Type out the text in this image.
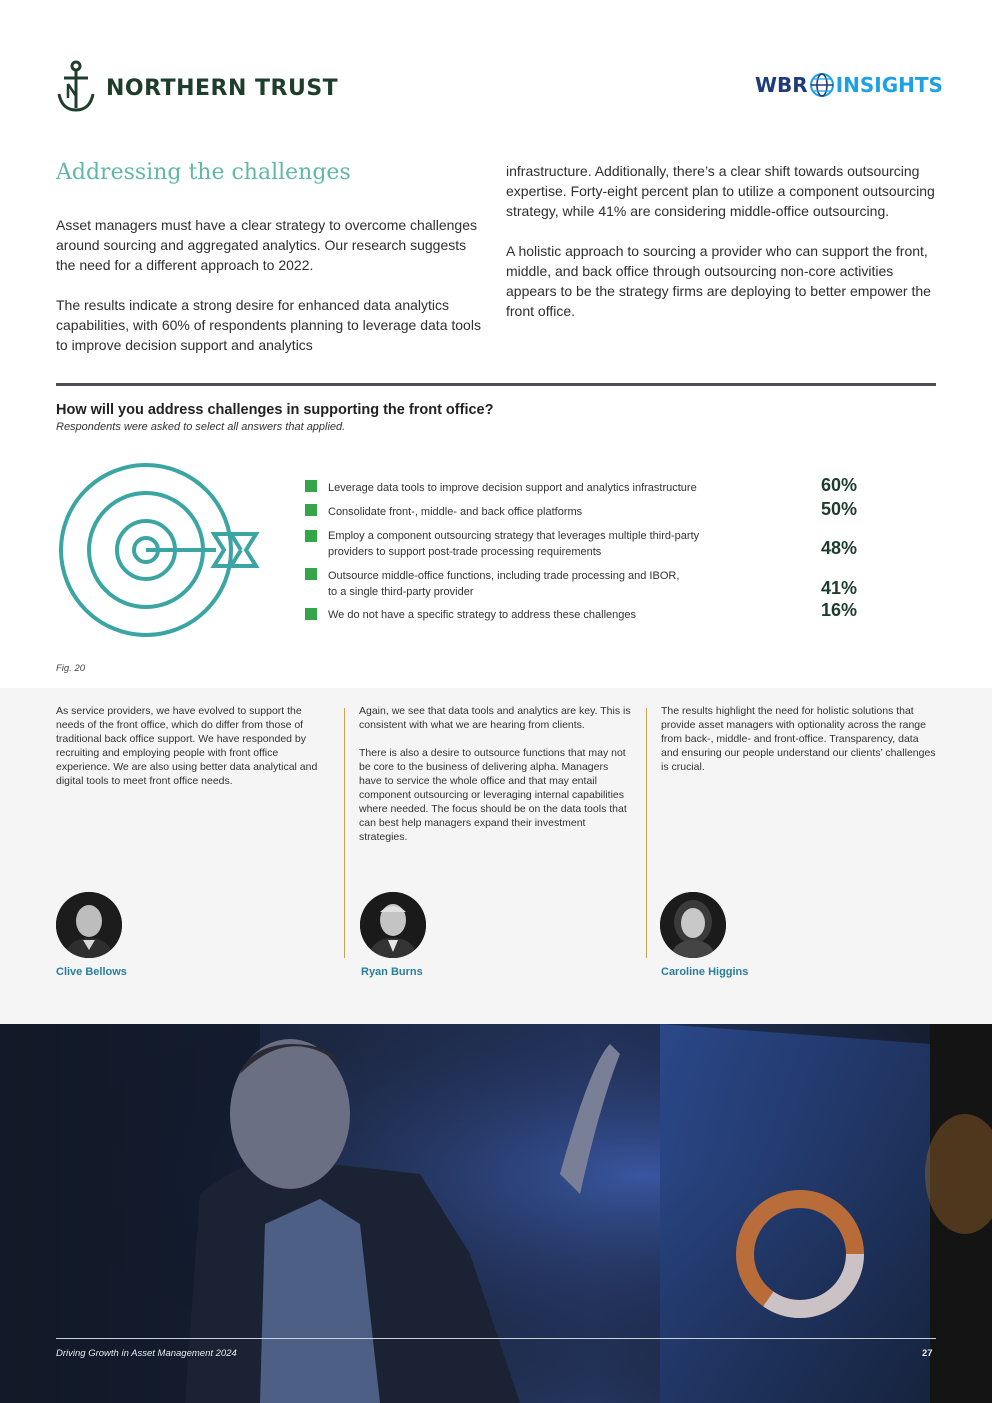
NORTHERN TRUST	WBR INSIGHTS
Addressing the challenges

Asset managers must have a clear strategy to overcome challenges around sourcing and aggregated analytics. Our research suggests the need for a different approach to 2022.

The results indicate a strong desire for enhanced data analytics capabilities, with 60% of respondents planning to leverage data tools to improve decision support and analytics

infrastructure. Additionally, there’s a clear shift towards outsourcing expertise. Forty-eight percent plan to utilize a component outsourcing strategy, while 41% are considering middle-office outsourcing.

A holistic approach to sourcing a provider who can support the front, middle, and back office through outsourcing non-core activities appears to be the strategy firms are deploying to better empower the front office.

How will you address challenges in supporting the front office?
Respondents were asked to select all answers that applied.
Leverage data tools to improve decision support and analytics infrastructure	60%
Consolidate front-, middle- and back office platforms	50%
Employ a component outsourcing strategy that leverages multiple third-party
providers to support post-trade processing requirements	48%
Outsource middle-office functions, including trade processing and IBOR,
to a single third-party provider	41%
We do not have a specific strategy to address these challenges	16%
Fig. 20

As service providers, we have evolved to support the needs of the front office, which do differ from those of traditional back office support. We have responded by recruiting and employing people with front office experience. We are also using better data analytical and digital tools to meet front office needs.

Again, we see that data tools and analytics are key. This is consistent with what we are hearing from clients.

There is also a desire to outsource functions that may not be core to the business of delivering alpha. Managers have to service the whole office and that may entail component outsourcing or leveraging internal capabilities where needed. The focus should be on the data tools that can best help managers expand their investment strategies.

The results highlight the need for holistic solutions that provide asset managers with optionality across the range from back-, middle- and front-office. Transparency, data and ensuring our people understand our clients’ challenges is crucial.

Clive Bellows	Ryan Burns	Caroline Higgins
Driving Growth in Asset Management 2024	27
